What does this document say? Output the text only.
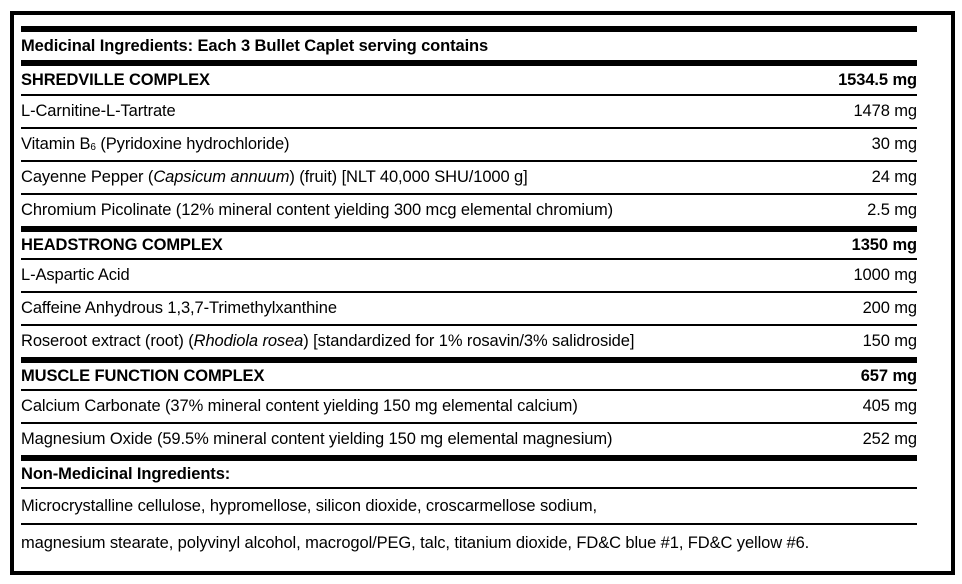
Medicinal Ingredients: Each 3 Bullet Caplet serving contains
SHREDVILLE COMPLEX	1534.5 mg
L-Carnitine-L-Tartrate	1478 mg
Vitamin $B_6$ (Pyridoxine hydrochloride)	30 mg
Cayenne Pepper (Capsicum annuum) (fruit) [NLT 40,000 SHU/1000 g]	24 mg
Chromium Picolinate (12% mineral content yielding 300 mcg elemental chromium)	2.5 mg
HEADSTRONG COMPLEX	1350 mg
L-Aspartic Acid	1000 mg
Caffeine Anhydrous 1,3,7-Trimethylxanthine	200 mg
Roseroot extract (root) (Rhodiola rosea) [standardized for 1% rosavin/3% salidroside]	150 mg
MUSCLE FUNCTION COMPLEX	657 mg
Calcium Carbonate (37% mineral content yielding 150 mg elemental calcium)	405 mg
Magnesium Oxide (59.5% mineral content yielding 150 mg elemental magnesium)	252 mg
Non-Medicinal Ingredients:
Microcrystalline cellulose, hypromellose, silicon dioxide, croscarmellose sodium,
magnesium stearate, polyvinyl alcohol, macrogol/PEG, talc, titanium dioxide, FD&C blue #1, FD&C yellow #6.
